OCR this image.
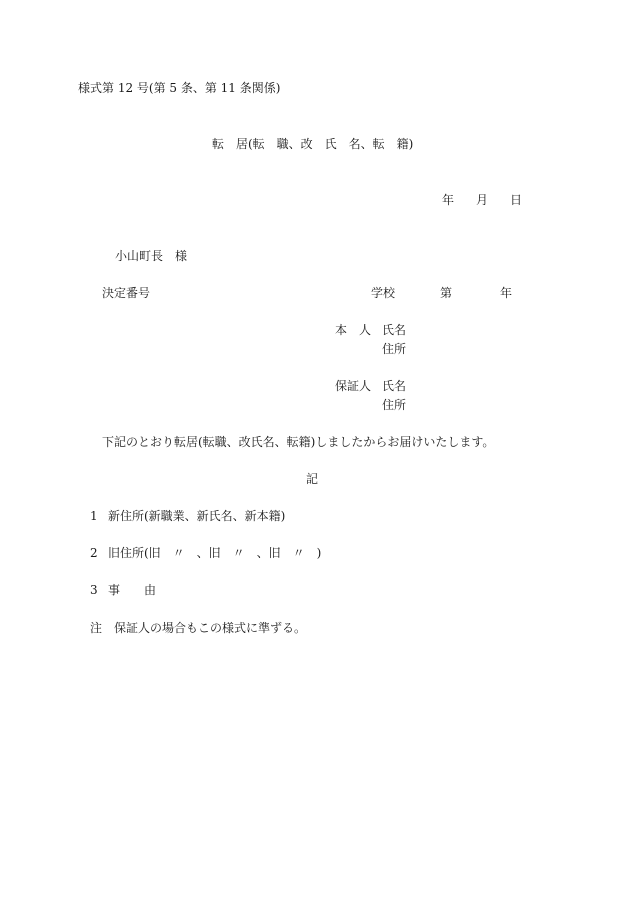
様式第 12 号(第 5 条、第 11 条関係)
転　居(転　職、改　氏　名、転　籍)
年 月 日
小山町長　様
決定番号	学校	第	年
本　人 氏名
住所
保証人 氏名
住所
下記のとおり転居(転職、改氏名、転籍)しましたからお届けいたします。
記
1 新住所(新職業、新氏名、新本籍)
2 旧住所(旧　〃　、旧　〃　、旧　〃　)
3 事　　由
注　保証人の場合もこの様式に準ずる。
